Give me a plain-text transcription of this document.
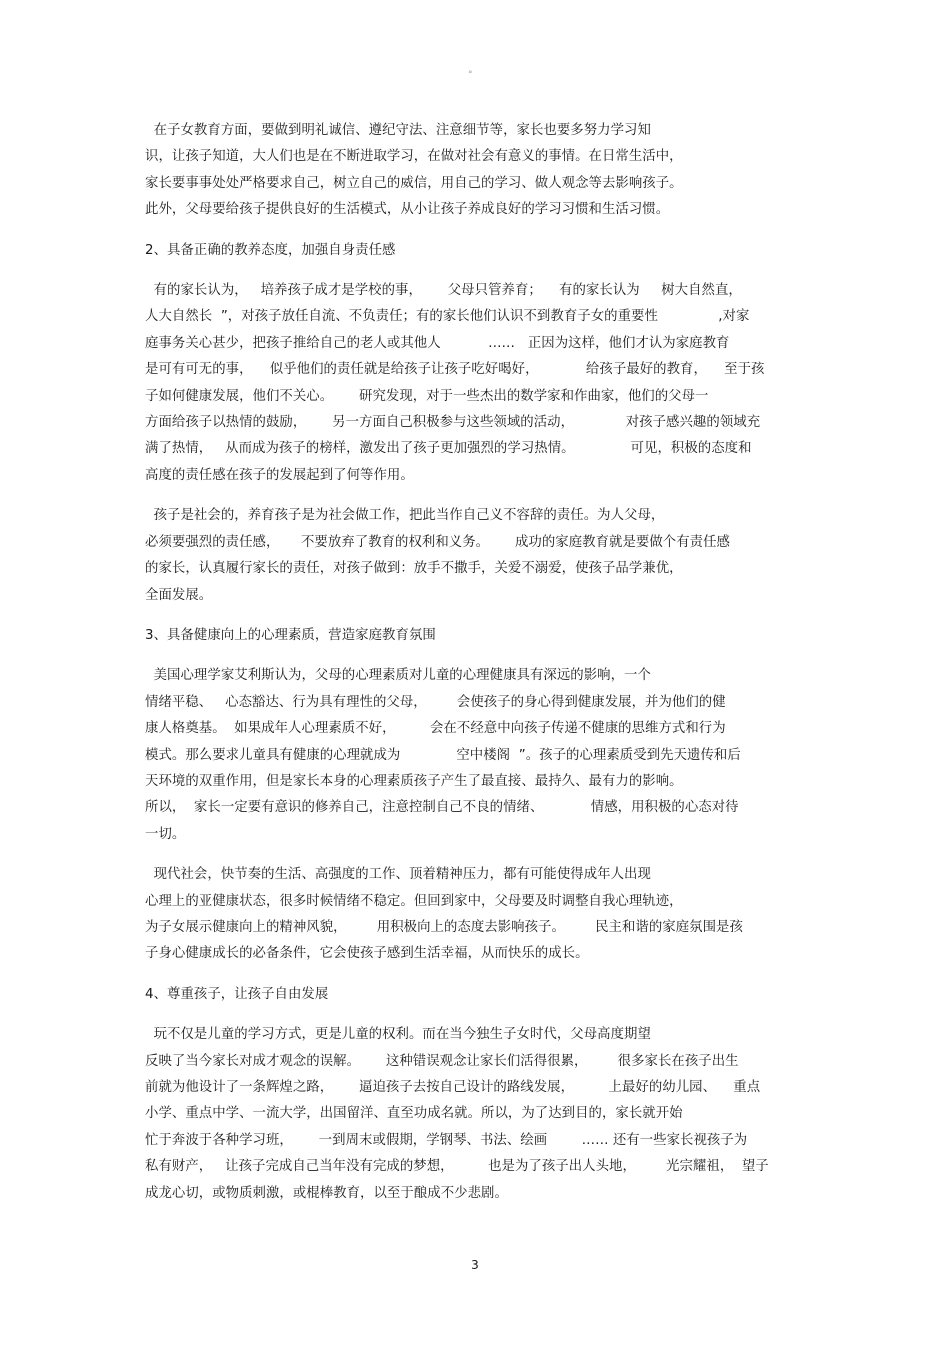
°
在子女教育方面，要做到明礼诚信、遵纪守法、注意细节等，家长也要多努力学习知
识，让孩子知道，大人们也是在不断进取学习，在做对社会有意义的事情。在日常生活中，
家长要事事处处严格要求自己，树立自己的威信，用自己的学习、做人观念等去影响孩子。
此外，父母要给孩子提供良好的生活模式，从小让孩子养成良好的学习习惯和生活习惯。
2、具备正确的教养态度，加强自身责任感
有的家长认为，   培养孩子成才是学校的事，      父母只管养育；    有的家长认为     树大自然直，
人大自然长  ”，对孩子放任自流、不负责任；有的家长他们认识不到教育子女的重要性              ,对家
庭事务关心甚少，把孩子推给自己的老人或其他人           ……   正因为这样，他们才认为家庭教育
是可有可无的事，    似乎他们的责任就是给孩子让孩子吃好喝好，           给孩子最好的教育，    至于孩
子如何健康发展，他们不关心。      研究发现，对于一些杰出的数学家和作曲家，他们的父母一
方面给孩子以热情的鼓励，      另一方面自己积极参与这些领域的活动，            对孩子感兴趣的领域充
满了热情，   从而成为孩子的榜样，激发出了孩子更加强烈的学习热情。             可见，积极的态度和
高度的责任感在孩子的发展起到了何等作用。
孩子是社会的，养育孩子是为社会做工作，把此当作自己义不容辞的责任。为人父母，
必须要强烈的责任感，     不要放弃了教育的权利和义务。      成功的家庭教育就是要做个有责任感
的家长，认真履行家长的责任，对孩子做到：放手不撒手，关爱不溺爱，使孩子品学兼优，
全面发展。
3、具备健康向上的心理素质，营造家庭教育氛围
美国心理学家艾利斯认为，父母的心理素质对儿童的心理健康具有深远的影响，一个
情绪平稳、   心态豁达、行为具有理性的父母，       会使孩子的身心得到健康发展，并为他们的健
康人格奠基。  如果成年人心理素质不好，        会在不经意中向孩子传递不健康的思维方式和行为
模式。那么要求儿童具有健康的心理就成为             空中楼阁  ”。孩子的心理素质受到先天遗传和后
天环境的双重作用，但是家长本身的心理素质孩子产生了最直接、最持久、最有力的影响。
所以，  家长一定要有意识的修养自己，注意控制自己不良的情绪、           情感，用积极的心态对待
一切。
现代社会，快节奏的生活、高强度的工作、顶着精神压力，都有可能使得成年人出现
心理上的亚健康状态，很多时候情绪不稳定。但回到家中，父母要及时调整自我心理轨迹，
为子女展示健康向上的精神风貌，       用积极向上的态度去影响孩子。       民主和谐的家庭氛围是孩
子身心健康成长的必备条件，它会使孩子感到生活幸福，从而快乐的成长。
4、尊重孩子，让孩子自由发展
玩不仅是儿童的学习方式，更是儿童的权利。而在当今独生子女时代，父母高度期望
反映了当今家长对成才观念的误解。      这种错误观念让家长们活得很累，       很多家长在孩子出生
前就为他设计了一条辉煌之路，      逼迫孩子去按自己设计的路线发展，        上最好的幼儿园、    重点
小学、重点中学、一流大学，出国留洋、直至功成名就。所以，为了达到目的，家长就开始
忙于奔波于各种学习班，      一到周末或假期，学钢琴、书法、绘画        …… 还有一些家长视孩子为
私有财产，   让孩子完成自己当年没有完成的梦想，        也是为了孩子出人头地，       光宗耀祖，  望子
成龙心切，或物质刺激，或棍棒教育，以至于酿成不少悲剧。
3
